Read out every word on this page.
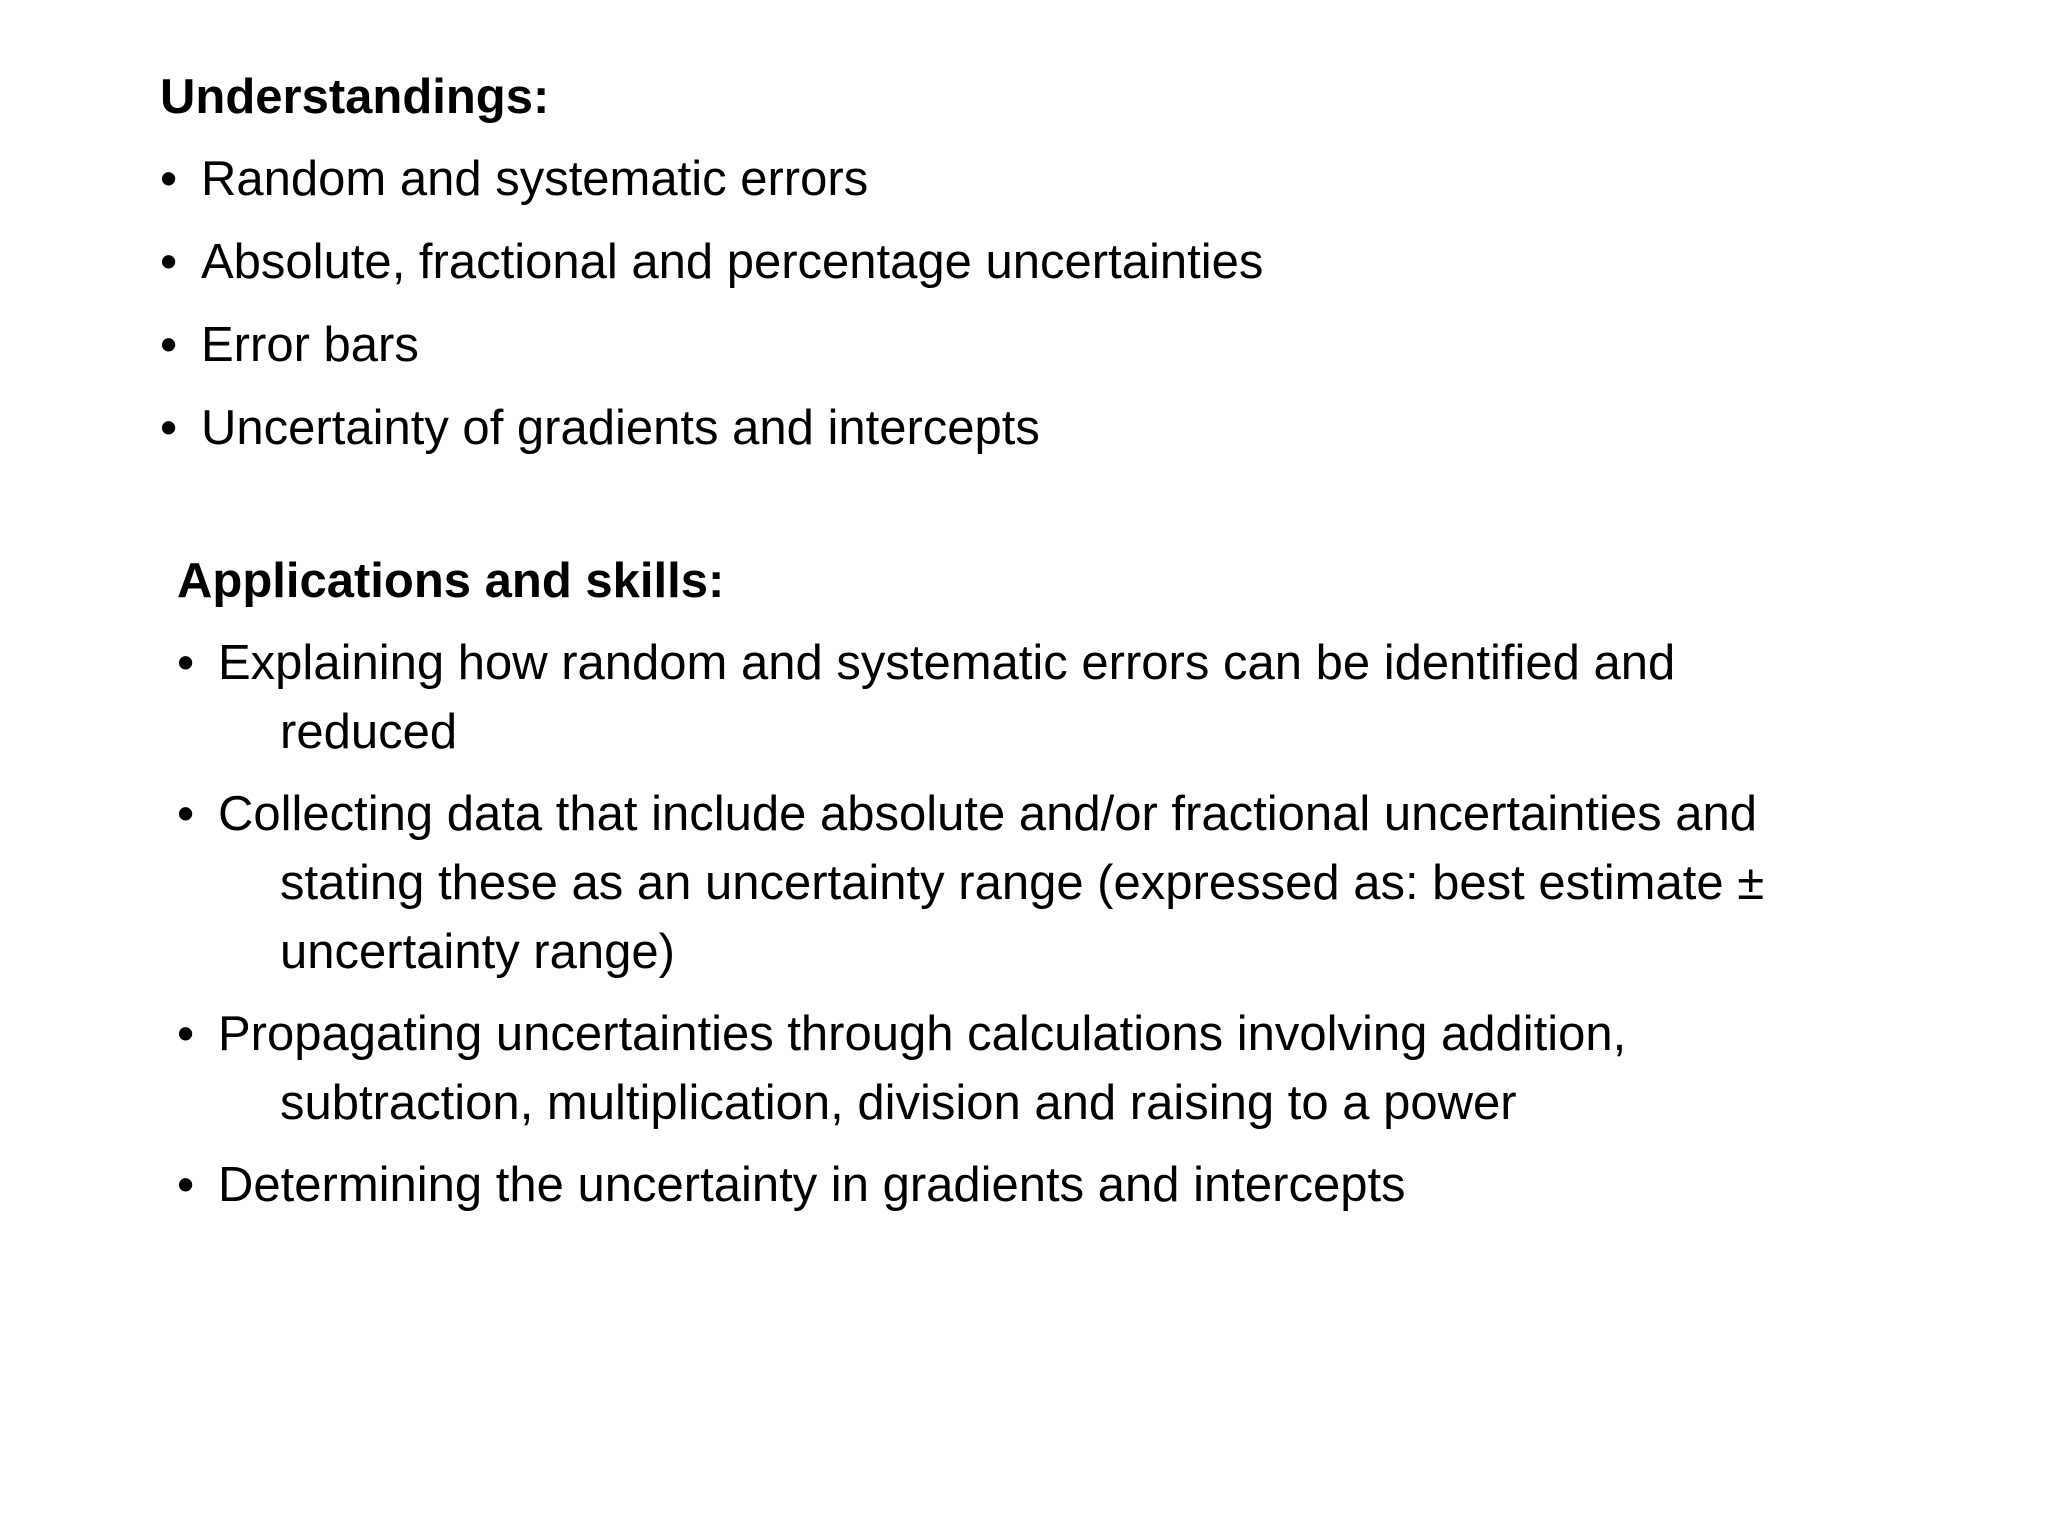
Understandings:
• Random and systematic errors
• Absolute, fractional and percentage uncertainties
• Error bars
• Uncertainty of gradients and intercepts
Applications and skills:
• Explaining how random and systematic errors can be identified and
reduced
• Collecting data that include absolute and/or fractional uncertainties and
stating these as an uncertainty range (expressed as: best estimate ±
uncertainty range)
• Propagating uncertainties through calculations involving addition,
subtraction, multiplication, division and raising to a power
• Determining the uncertainty in gradients and intercepts
